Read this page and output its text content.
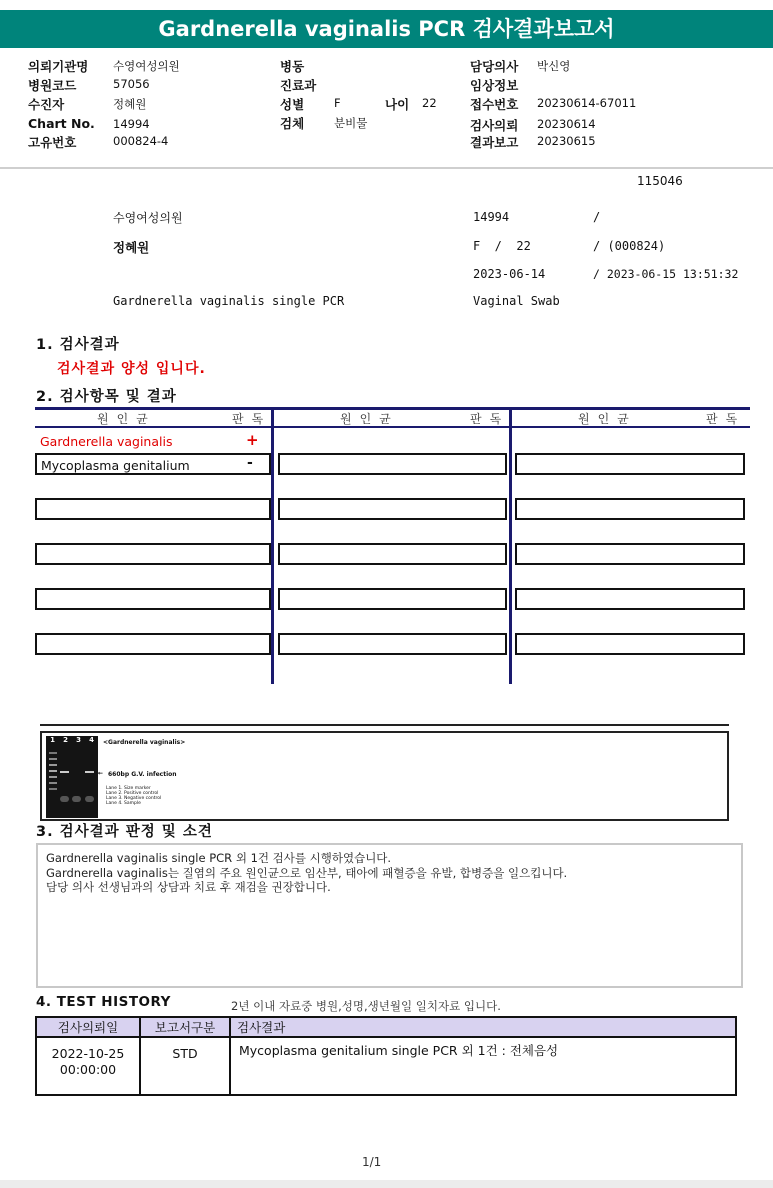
Gardnerella vaginalis PCR 검사결과보고서
의뢰기관명 수영여성의원	병동	담당의사 박신영
병원코드	57056	진료과	임상정보
수진자	정혜원	성별	F	나이 22	접수번호 20230614-67011
Chart No. 14994	검체	분비물	검사의뢰 20230614
고유번호	000824-4	결과보고 20230615
115046
수영여성의원	14994	/
정혜원	F  /  22	/ (000824)
2023-06-14	/ 2023-06-15 13:51:32
Gardnerella vaginalis single PCR	Vaginal Swab
1. 검사결과
검사결과 양성 입니다.
2. 검사항목 및 결과
원인균	판독	원인균	판독	원인균	판독
Gardnerella vaginalis	+
Mycoplasma genitalium	-
1 2 3 4 <Gardnerella vaginalis>
← 660bp G.V. infection
Lane 1. Size marker
Lane 2. Positive control
Lane 3. Negative control
Lane 4. Sample
3. 검사결과 판정 및 소견

Gardnerella vaginalis single PCR 외 1건 검사를 시행하였습니다.

Gardnerella vaginalis는 질염의 주요 원인균으로 임산부, 태아에 패혈증을 유발, 합병증을 일으킵니다.

담당 의사 선생님과의 상담과 치료 후 재검을 권장합니다.

4. TEST HISTORY	2년 이내 자료중 병원,성명,생년월일 일치자료 입니다.
검사의뢰일	보고서구분	검사결과

2022-10-25
00:00:00	STD	Mycoplasma genitalium single PCR 외 1건 : 전체음성
1/1
